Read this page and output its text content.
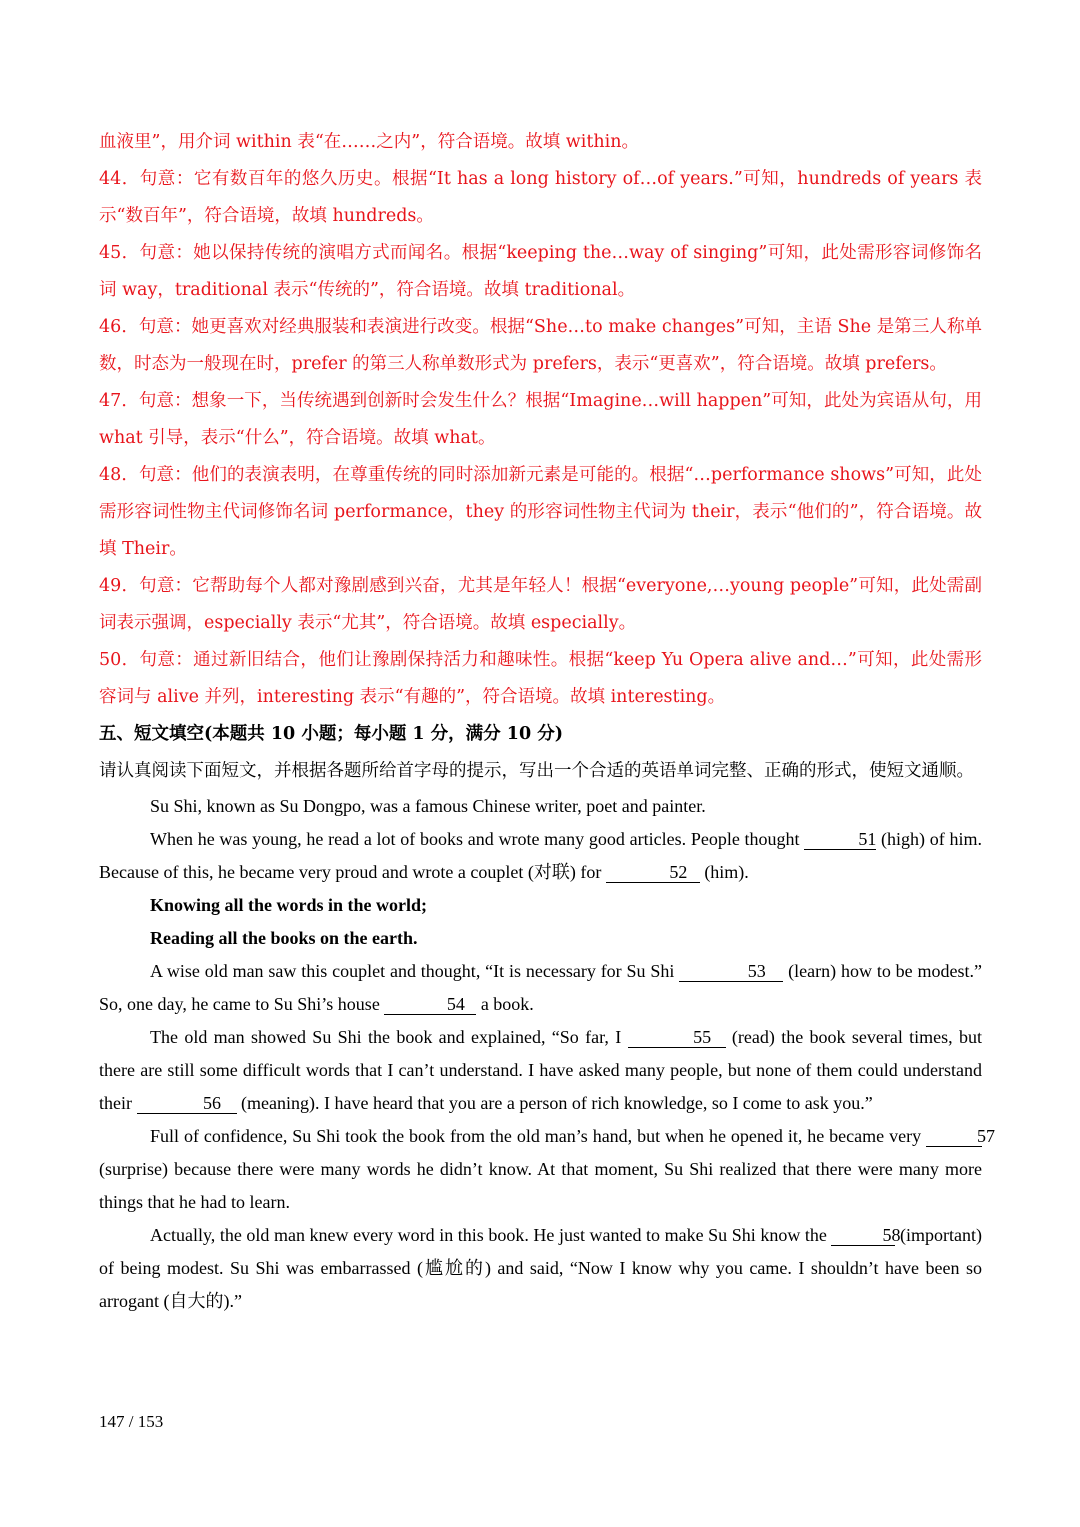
血液里”，用介词 within 表“在……之内”，符合语境。故填 within。

44．句意：它有数百年的悠久历史。根据“It has a long history of…of years.”可知，hundreds of years 表示“数百年”，符合语境，故填 hundreds。

45．句意：她以保持传统的演唱方式而闻名。根据“keeping the…way of singing”可知，此处需形容词修饰名词 way，traditional 表示“传统的”，符合语境。故填 traditional。

46．句意：她更喜欢对经典服装和表演进行改变。根据“She…to make changes”可知，主语 She 是第三人称单数，时态为一般现在时，prefer 的第三人称单数形式为 prefers，表示“更喜欢”，符合语境。故填 prefers。

47．句意：想象一下，当传统遇到创新时会发生什么？根据“Imagine…will happen”可知，此处为宾语从句，用 what 引导，表示“什么”，符合语境。故填 what。

48．句意：他们的表演表明，在尊重传统的同时添加新元素是可能的。根据“…performance shows”可知，此处需形容词性物主代词修饰名词 performance，they 的形容词性物主代词为 their，表示“他们的”，符合语境。故填 Their。

49．句意：它帮助每个人都对豫剧感到兴奋，尤其是年轻人！根据“everyone,…young people”可知，此处需副词表示强调，especially 表示“尤其”，符合语境。故填 especially。

50．句意：通过新旧结合，他们让豫剧保持活力和趣味性。根据“keep Yu Opera alive and…”可知，此处需形容词与 alive 并列，interesting 表示“有趣的”，符合语境。故填 interesting。

五、短文填空(本题共 10 小题；每小题 1 分，满分 10 分)

请认真阅读下面短文，并根据各题所给首字母的提示，写出一个合适的英语单词完整、正确的形式，使短文通顺。

Su Shi, known as Su Dongpo, was a famous Chinese writer, poet and painter.

When he was young, he read a lot of books and wrote many good articles. People thought	51 (high) of him. Because of this, he became very proud and wrote a couplet (对联) for	52 (him).

Knowing all the words in the world;

Reading all the books on the earth.

A wise old man saw this couplet and thought, “It is necessary for Su Shi	53 (learn) how to be modest.” So, one day, he came to Su Shi’s house	54 a book.

The old man showed Su Shi the book and explained, “So far, I	55 (read) the book several times, but there are still some difficult words that I can’t understand. I have asked many people, but none of them could understand their	56 (meaning). I have heard that you are a person of rich knowledge, so I come to ask you.”

Full of confidence, Su Shi took the book from the old man’s hand, but when he opened it, he became very	57 (surprise) because there were many words he didn’t know. At that moment, Su Shi realized that there were many more things that he had to learn.

Actually, the old man knew every word in this book. He just wanted to make Su Shi know the	58 (important) of being modest. Su Shi was embarrassed (尴尬的) and said, “Now I know why you came. I shouldn’t have been so arrogant (自大的).”

147 / 153
